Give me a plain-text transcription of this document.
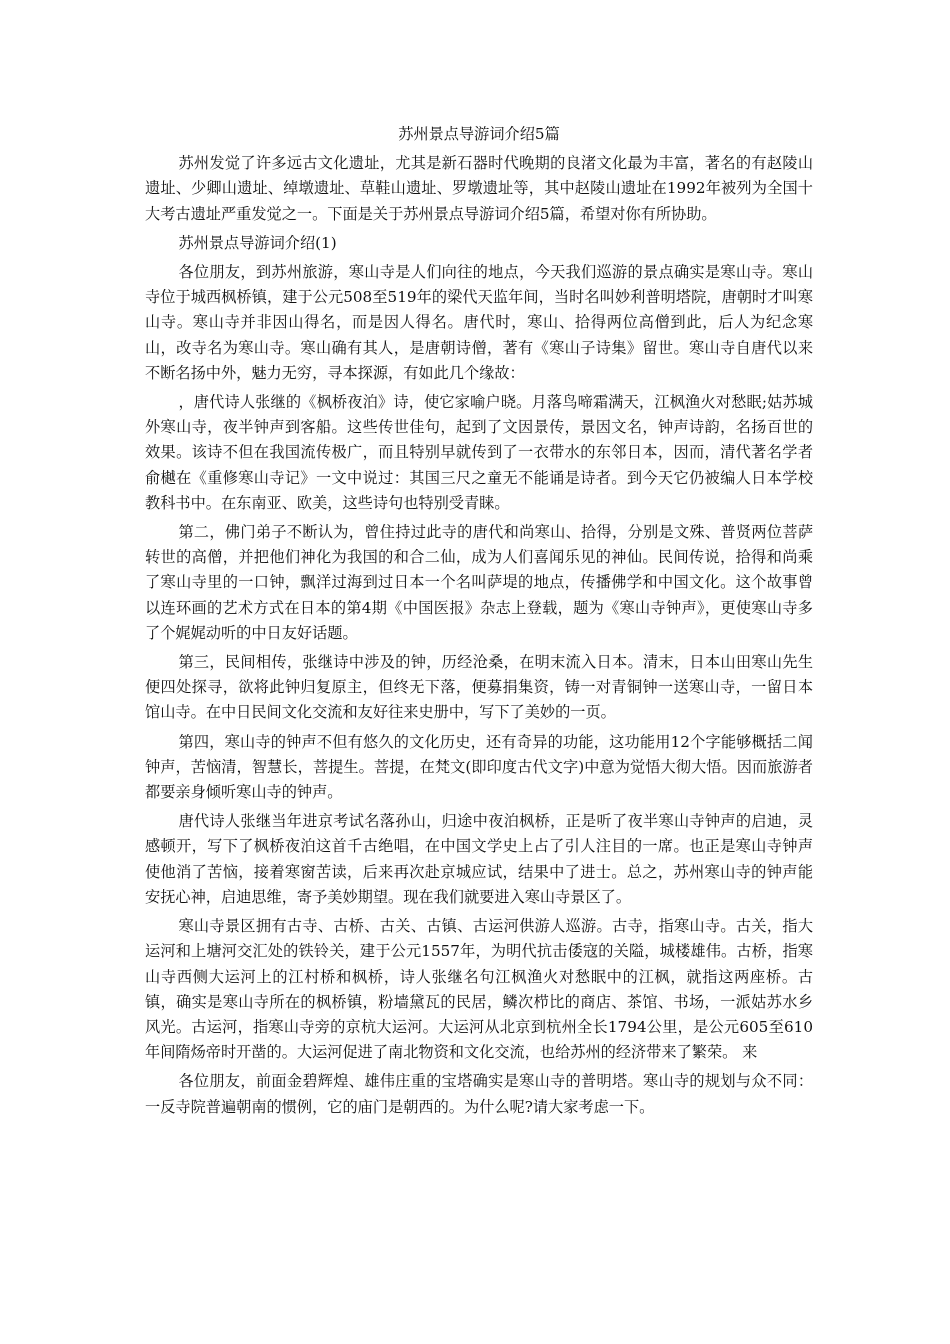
苏州景点导游词介绍5篇

苏州发觉了许多远古文化遗址，尤其是新石器时代晚期的良渚文化最为丰富，著名的有赵陵山遗址、少卿山遗址、绰墩遗址、草鞋山遗址、罗墩遗址等，其中赵陵山遗址在1992年被列为全国十大考古遗址严重发觉之一。下面是关于苏州景点导游词介绍5篇，希望对你有所协助。

苏州景点导游词介绍(1)

各位朋友，到苏州旅游，寒山寺是人们向往的地点，今天我们巡游的景点确实是寒山寺。寒山寺位于城西枫桥镇，建于公元508至519年的梁代天监年间，当时名叫妙利普明塔院，唐朝时才叫寒山寺。寒山寺并非因山得名，而是因人得名。唐代时，寒山、拾得两位高僧到此，后人为纪念寒山，改寺名为寒山寺。寒山确有其人，是唐朝诗僧，著有《寒山子诗集》留世。寒山寺自唐代以来不断名扬中外，魅力无穷，寻本探源，有如此几个缘故：

，唐代诗人张继的《枫桥夜泊》诗，使它家喻户晓。月落鸟啼霜满天，江枫渔火对愁眠;姑苏城外寒山寺，夜半钟声到客船。这些传世佳句，起到了文因景传，景因文名，钟声诗韵，名扬百世的效果。该诗不但在我国流传极广，而且特别早就传到了一衣带水的东邻日本，因而，清代著名学者俞樾在《重修寒山寺记》一文中说过：其国三尺之童无不能诵是诗者。到今天它仍被编人日本学校教科书中。在东南亚、欧美，这些诗句也特别受青睐。

第二，佛门弟子不断认为，曾住持过此寺的唐代和尚寒山、拾得，分别是文殊、普贤两位菩萨转世的高僧，并把他们神化为我国的和合二仙，成为人们喜闻乐见的神仙。民间传说，拾得和尚乘了寒山寺里的一口钟，飘洋过海到过日本一个名叫萨堤的地点，传播佛学和中国文化。这个故事曾以连环画的艺术方式在日本的第4期《中国医报》杂志上登载，题为《寒山寺钟声》，更使寒山寺多了个娓娓动听的中日友好话题。

第三，民间相传，张继诗中涉及的钟，历经沧桑，在明末流入日本。清末，日本山田寒山先生便四处探寻，欲将此钟归复原主，但终无下落，便募捐集资，铸一对青铜钟一送寒山寺，一留日本馆山寺。在中日民间文化交流和友好往来史册中，写下了美妙的一页。

第四，寒山寺的钟声不但有悠久的文化历史，还有奇异的功能，这功能用12个字能够概括二闻钟声，苦恼清，智慧长，菩提生。菩提，在梵文(即印度古代文字)中意为觉悟大彻大悟。因而旅游者都要亲身倾听寒山寺的钟声。

唐代诗人张继当年进京考试名落孙山，归途中夜泊枫桥，正是听了夜半寒山寺钟声的启迪，灵感顿开，写下了枫桥夜泊这首千古绝唱，在中国文学史上占了引人注目的一席。也正是寒山寺钟声使他消了苦恼，接着寒窗苦读，后来再次赴京城应试，结果中了进士。总之，苏州寒山寺的钟声能安抚心神，启迪思维，寄予美妙期望。现在我们就要进入寒山寺景区了。

寒山寺景区拥有古寺、古桥、古关、古镇、古运河供游人巡游。古寺，指寒山寺。古关，指大运河和上塘河交汇处的铁铃关，建于公元1557年，为明代抗击倭寇的关隘，城楼雄伟。古桥，指寒山寺西侧大运河上的江村桥和枫桥，诗人张继名句江枫渔火对愁眠中的江枫，就指这两座桥。古镇，确实是寒山寺所在的枫桥镇，粉墙黛瓦的民居，鳞次栉比的商店、茶馆、书场，一派姑苏水乡风光。古运河，指寒山寺旁的京杭大运河。大运河从北京到杭州全长1794公里，是公元605至610年间隋炀帝时开凿的。大运河促进了南北物资和文化交流，也给苏州的经济带来了繁荣。 来

各位朋友，前面金碧辉煌、雄伟庄重的宝塔确实是寒山寺的普明塔。寒山寺的规划与众不同：一反寺院普遍朝南的惯例，它的庙门是朝西的。为什么呢?请大家考虑一下。
